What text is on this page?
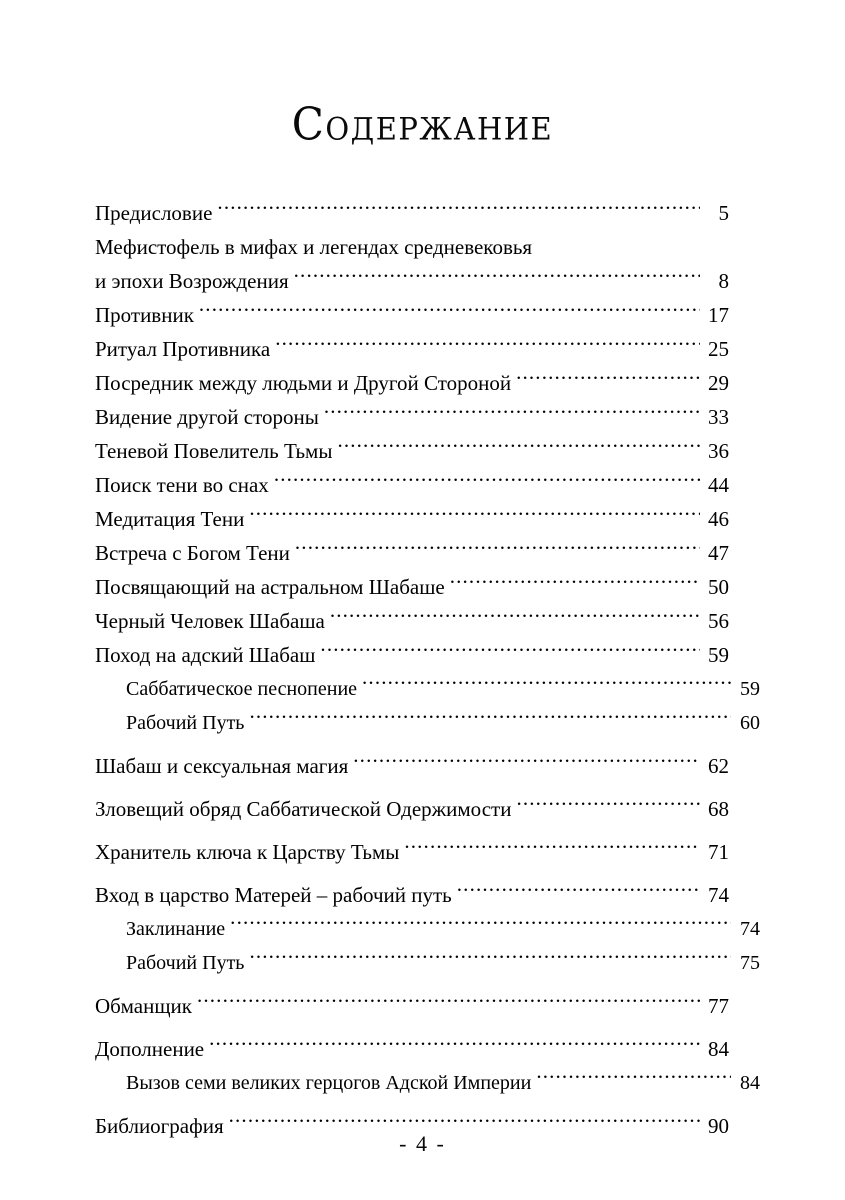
Содержание
Предисловие .....	5
Мефистофель в мифах и легендах средневековья
и эпохи Возрождения .....	8
Противник .....	17
Ритуал Противника .....	25
Посредник между людьми и Другой Стороной .....	29
Видение другой стороны .....	33
Теневой Повелитель Тьмы .....	36
Поиск тени во снах .....	44
Медитация Тени .....	46
Встреча с Богом Тени .....	47
Посвящающий на астральном Шабаше .....	50
Черный Человек Шабаша .....	56
Поход на адский Шабаш .....	59
Саббатическое песнопение .....	59
Рабочий Путь .....	60
Шабаш и сексуальная магия .....	62
Зловещий обряд Саббатической Одержимости .....	68
Хранитель ключа к Царству Тьмы .....	71
Вход в царство Матерей – рабочий путь .....	74
Заклинание .....	74
Рабочий Путь .....	75
Обманщик .....	77
Дополнение .....	84
Вызов семи великих герцогов Адской Империи .....	84
Библиография .....	90
- 4 -
